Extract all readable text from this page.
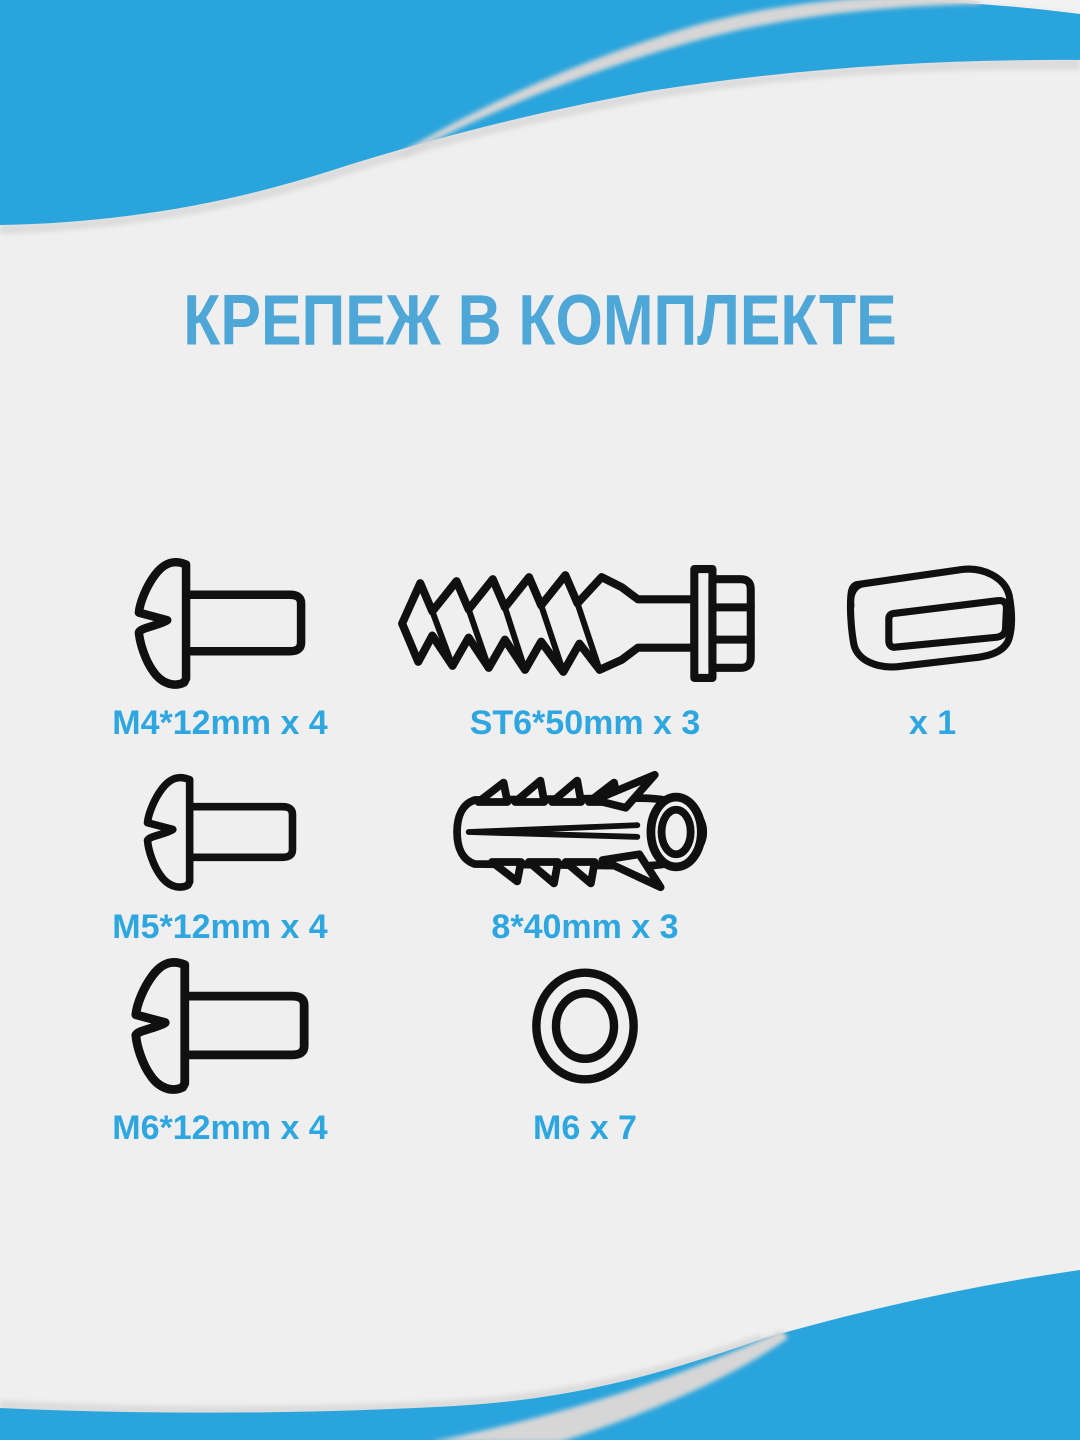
КРЕПЕЖ В КОМПЛЕКТЕ
M4*12mm x 4	ST6*50mm x 3	x 1
M5*12mm x 4	8*40mm x 3
M6*12mm x 4	M6 x 7
